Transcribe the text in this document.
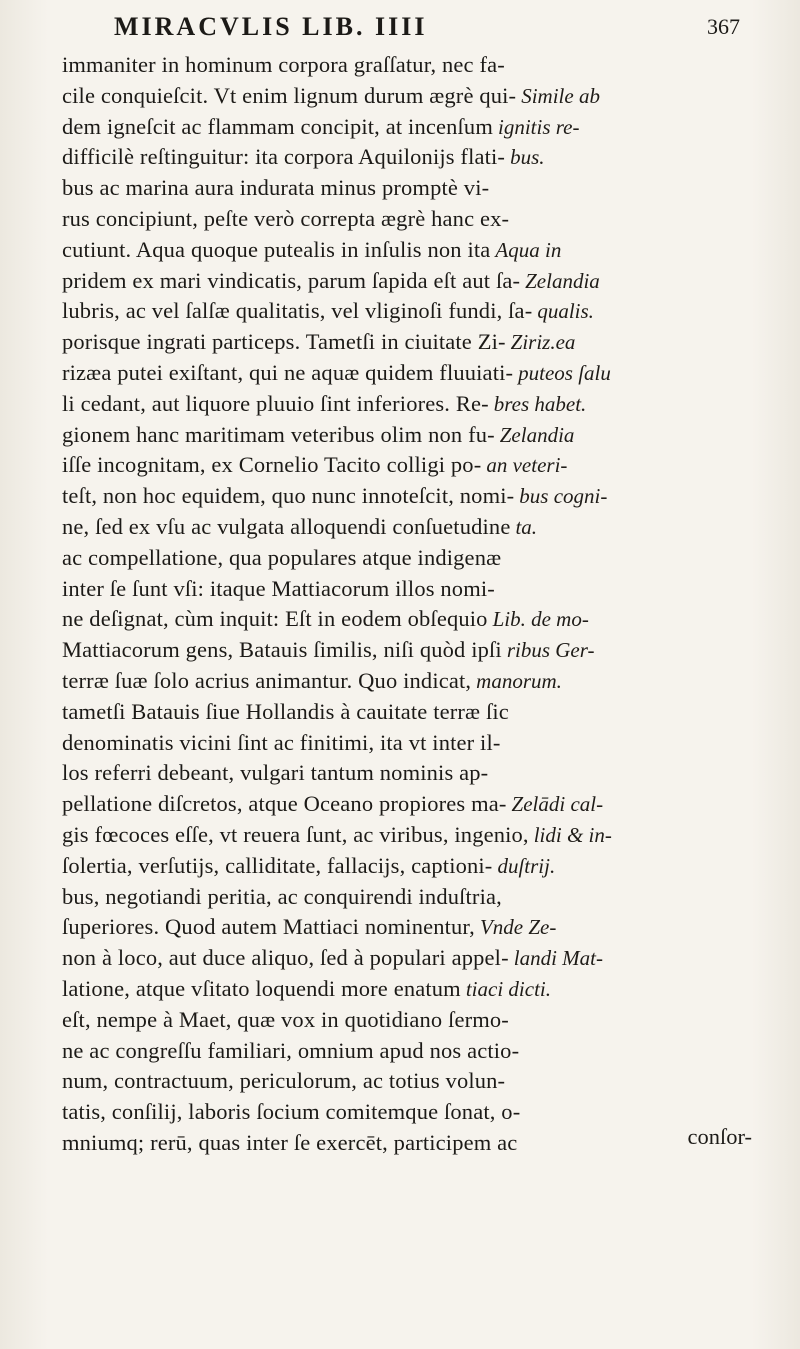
MIRACVLIS LIB. IIII	367
immaniter in hominum corpora graſſatur, nec fa-
cile conquieſcit. Vt enim lignum durum ægrè qui- Simile ab
dem igneſcit ac flammam concipit, at incenſum ignitis re-
difficilè reſtinguitur: ita corpora Aquilonijs flati- bus.
bus ac marina aura indurata minus promptè vi-
rus concipiunt, peſte verò correpta ægrè hanc ex-
cutiunt. Aqua quoque putealis in inſulis non ita Aqua in
pridem ex mari vindicatis, parum ſapida eſt aut ſa- Zelandia
lubris, ac vel ſalſæ qualitatis, vel vliginoſi fundi, ſa- qualis.
porisque ingrati particeps. Tametſi in ciuitate Zi- Ziriz.ea
rizæa putei exiſtant, qui ne aquæ quidem fluuiati- puteos ſalu
li cedant, aut liquore pluuio ſint inferiores. Re- bres habet.
gionem hanc maritimam veteribus olim non fu- Zelandia
iſſe incognitam, ex Cornelio Tacito colligi po- an veteri-
teſt, non hoc equidem, quo nunc innoteſcit, nomi- bus cogni-
ne, ſed ex vſu ac vulgata alloquendi conſuetudine ta.
ac compellatione, qua populares atque indigenæ
inter ſe ſunt vſi: itaque Mattiacorum illos nomi-
ne deſignat, cùm inquit: Eſt in eodem obſequio Lib. de mo-
Mattiacorum gens, Batauis ſimilis, niſi quòd ipſi ribus Ger-
terræ ſuæ ſolo acrius animantur. Quo indicat, manorum.
tametſi Batauis ſiue Hollandis à cauitate terræ ſic
denominatis vicini ſint ac finitimi, ita vt inter il-
los referri debeant, vulgari tantum nominis ap-
pellatione diſcretos, atque Oceano propiores ma- Zelādi cal-
gis fœcoces eſſe, vt reuera ſunt, ac viribus, ingenio, lidi & in-
ſolertia, verſutijs, calliditate, fallacijs, captioni- duſtrij.
bus, negotiandi peritia, ac conquirendi induſtria,
ſuperiores. Quod autem Mattiaci nominentur, Vnde Ze-
non à loco, aut duce aliquo, ſed à populari appel- landi Mat-
latione, atque vſitato loquendi more enatum tiaci dicti.
eſt, nempe à Maet, quæ vox in quotidiano ſermo-
ne ac congreſſu familiari, omnium apud nos actio-
num, contractuum, periculorum, ac totius volun-
tatis, conſilij, laboris ſocium comitemque ſonat, o-
mniumq; rerū, quas inter ſe exercēt, participem ac	conſor-
